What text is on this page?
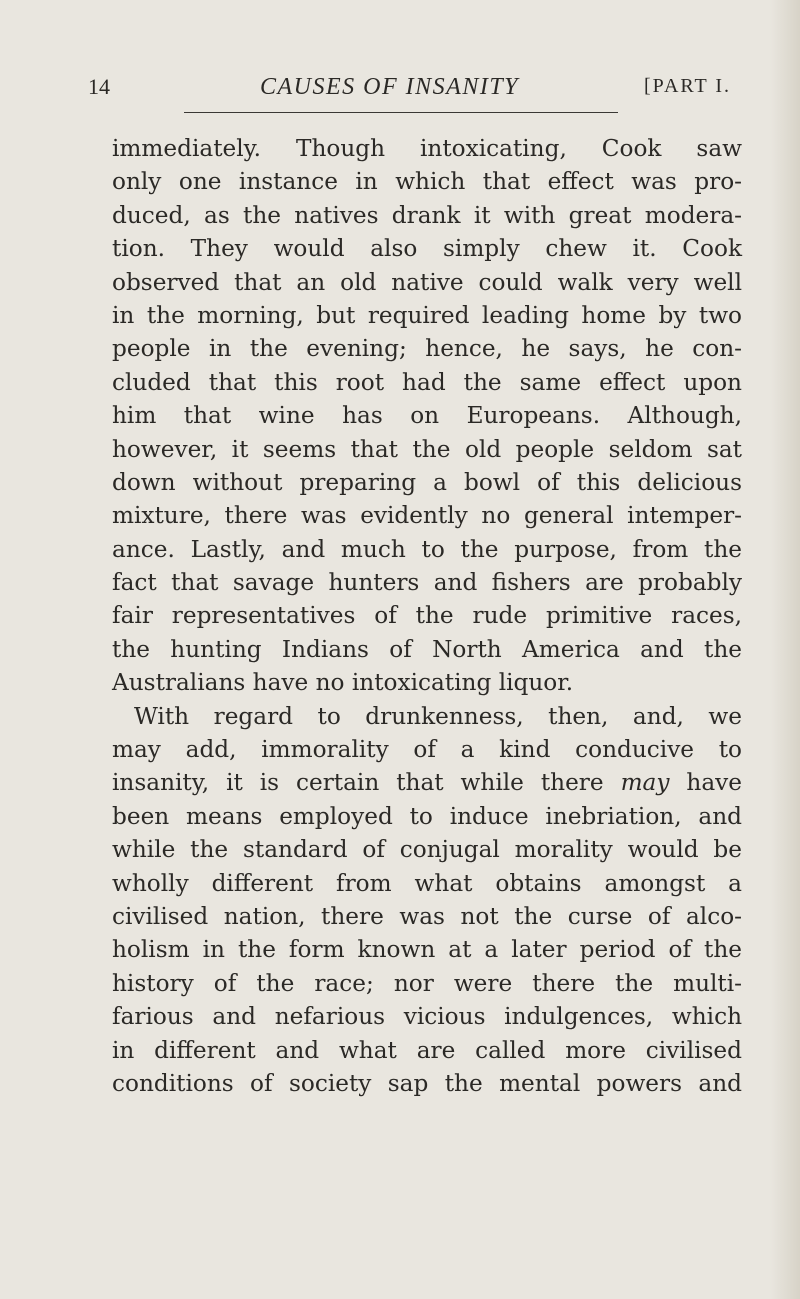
14	CAUSES OF INSANITY	[PART I.
immediately. Though intoxicating, Cook saw
only one instance in which that effect was pro-
duced, as the natives drank it with great modera-
tion. They would also simply chew it. Cook
observed that an old native could walk very well
in the morning, but required leading home by two
people in the evening; hence, he says, he con-
cluded that this root had the same effect upon
him that wine has on Europeans. Although,
however, it seems that the old people seldom sat
down without preparing a bowl of this delicious
mixture, there was evidently no general intemper-
ance. Lastly, and much to the purpose, from the
fact that savage hunters and fishers are probably
fair representatives of the rude primitive races,
the hunting Indians of North America and the
Australians have no intoxicating liquor.
With regard to drunkenness, then, and, we
may add, immorality of a kind conducive to
insanity, it is certain that while there may have
been means employed to induce inebriation, and
while the standard of conjugal morality would be
wholly different from what obtains amongst a
civilised nation, there was not the curse of alco-
holism in the form known at a later period of the
history of the race; nor were there the multi-
farious and nefarious vicious indulgences, which
in different and what are called more civilised
conditions of society sap the mental powers and
